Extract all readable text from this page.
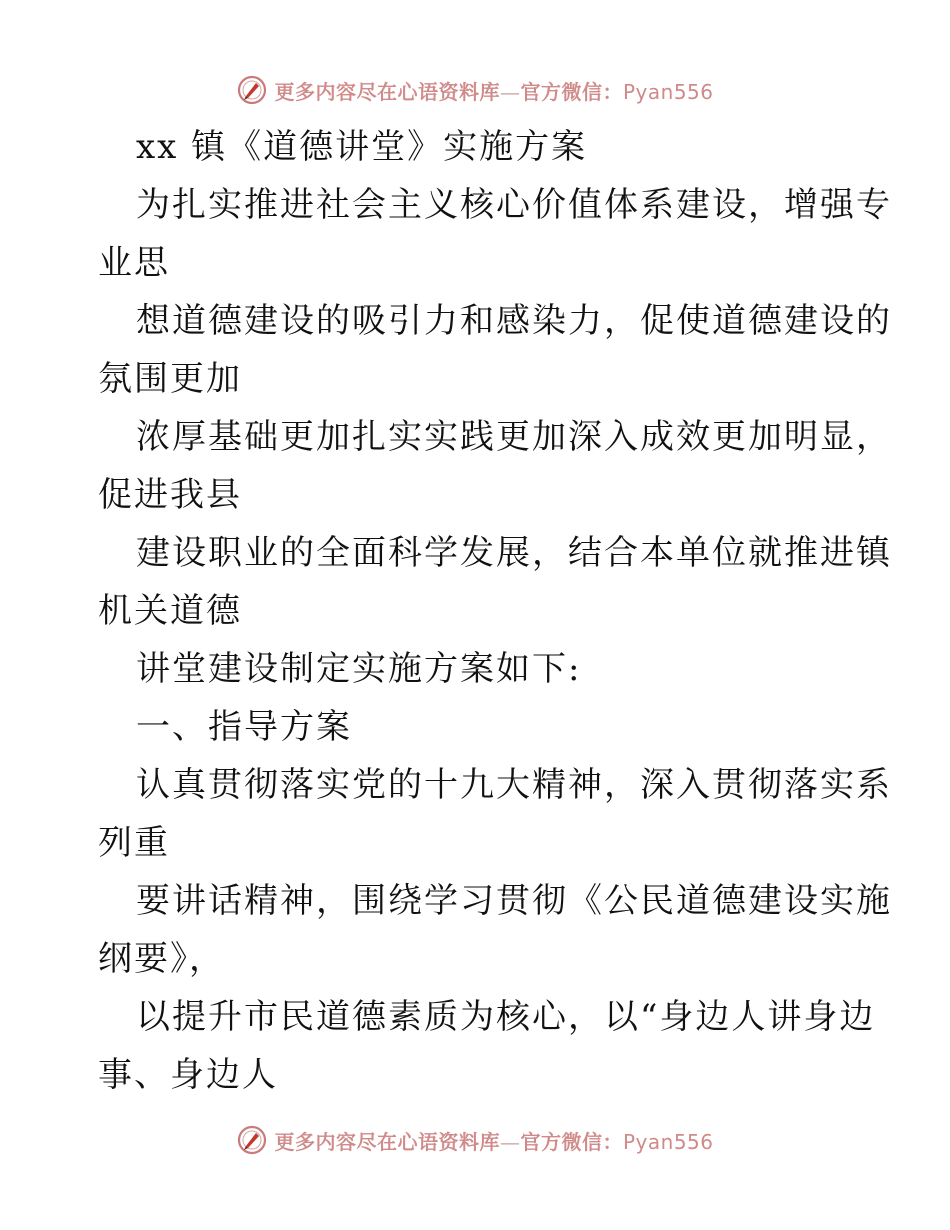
更多内容尽在心语资料库—官方微信：Pyan556
xx 镇《道德讲堂》实施方案
为扎实推进社会主义核心价值体系建设，增强专
业思
想道德建设的吸引力和感染力，促使道德建设的
氛围更加
浓厚基础更加扎实实践更加深入成效更加明显，
促进我县
建设职业的全面科学发展，结合本单位就推进镇
机关道德
讲堂建设制定实施方案如下:
一、指导方案
认真贯彻落实党的十九大精神，深入贯彻落实系
列重
要讲话精神，围绕学习贯彻《公民道德建设实施
纲要》，
以提升市民道德素质为核心，以“身边人讲身边
事、身边人
更多内容尽在心语资料库—官方微信：Pyan556
